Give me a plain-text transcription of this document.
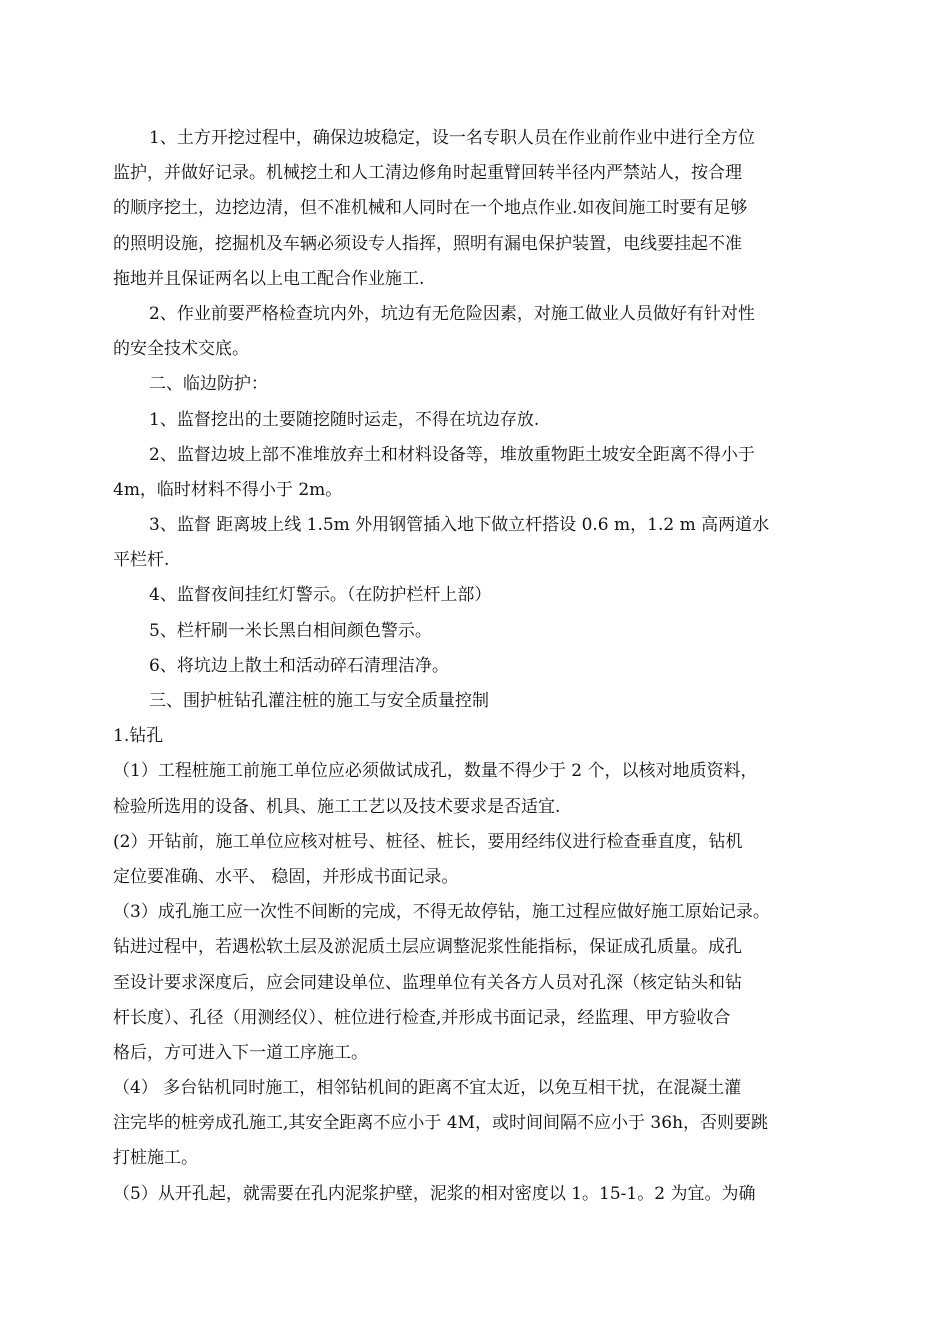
1、土方开挖过程中，确保边坡稳定，设一名专职人员在作业前作业中进行全方位
监护，并做好记录。机械挖土和人工清边修角时起重臂回转半径内严禁站人，按合理
的顺序挖土，边挖边清，但不准机械和人同时在一个地点作业.如夜间施工时要有足够
的照明设施，挖掘机及车辆必须设专人指挥，照明有漏电保护装置，电线要挂起不准
拖地并且保证两名以上电工配合作业施工.

2、作业前要严格检查坑内外，坑边有无危险因素，对施工做业人员做好有针对性
的安全技术交底。

二、临边防护：

1、监督挖出的土要随挖随时运走，不得在坑边存放.

2、监督边坡上部不准堆放弃土和材料设备等，堆放重物距土坡安全距离不得小于
4m，临时材料不得小于 2m。

3、监督 距离坡上线 1.5m 外用钢管插入地下做立杆搭设 0.6 m，1.2 m 高两道水
平栏杆.

4、监督夜间挂红灯警示。（在防护栏杆上部）

5、栏杆刷一米长黑白相间颜色警示。

6、将坑边上散土和活动碎石清理洁净。

三、围护桩钻孔灌注桩的施工与安全质量控制

1.钻孔

（1）工程桩施工前施工单位应必须做试成孔，数量不得少于 2 个，以核对地质资料，
检验所选用的设备、机具、施工工艺以及技术要求是否适宜.

(2）开钻前，施工单位应核对桩号、桩径、桩长，要用经纬仪进行检查垂直度，钻机
定位要准确、水平、 稳固，并形成书面记录。

（3）成孔施工应一次性不间断的完成，不得无故停钻，施工过程应做好施工原始记录。
钻进过程中，若遇松软土层及淤泥质土层应调整泥浆性能指标，保证成孔质量。成孔
至设计要求深度后，应会同建设单位、监理单位有关各方人员对孔深（核定钻头和钻
杆长度）、孔径（用测经仪）、桩位进行检查,并形成书面记录，经监理、甲方验收合
格后，方可进入下一道工序施工。

（4） 多台钻机同时施工，相邻钻机间的距离不宜太近，以免互相干扰，在混凝土灌
注完毕的桩旁成孔施工,其安全距离不应小于 4M，或时间间隔不应小于 36h，否则要跳
打桩施工。

（5）从开孔起，就需要在孔内泥浆护壁，泥浆的相对密度以 1。15-1。2 为宜。为确
